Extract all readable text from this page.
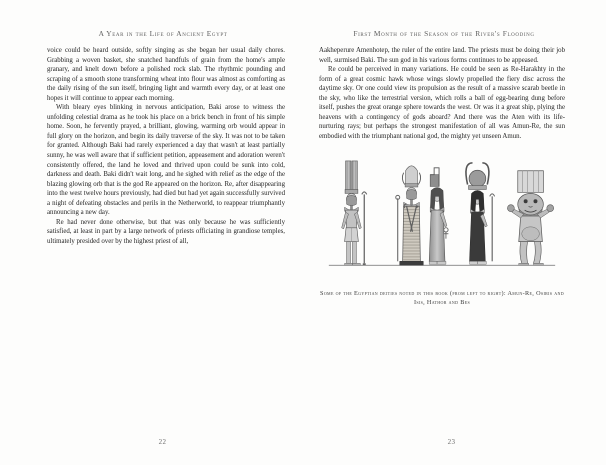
A Year in the Life of Ancient Egypt

voice could be heard outside, softly singing as she began her usual daily chores. Grabbing a woven basket, she snatched handfuls of grain from the home's ample granary, and knelt down before a polished rock slab. The rhythmic pounding and scraping of a smooth stone transforming wheat into flour was almost as comforting as the daily rising of the sun itself, bringing light and warmth every day, or at least one hopes it will continue to appear each morning.

With bleary eyes blinking in nervous anticipation, Baki arose to witness the unfolding celestial drama as he took his place on a brick bench in front of his simple home. Soon, he fervently prayed, a brilliant, glowing, warming orb would appear in full glory on the horizon, and begin its daily traverse of the sky. It was not to be taken for granted. Although Baki had rarely experienced a day that wasn't at least partially sunny, he was well aware that if sufficient petition, appeasement and adoration weren't consistently offered, the land he loved and thrived upon could be sunk into cold, darkness and death. Baki didn't wait long, and he sighed with relief as the edge of the blazing glowing orb that is the god Re appeared on the horizon. Re, after disappearing into the west twelve hours previously, had died but had yet again successfully survived a night of defeating obstacles and perils in the Netherworld, to reappear triumphantly announcing a new day.

Re had never done otherwise, but that was only because he was sufficiently satisfied, at least in part by a large network of priests officiating in grandiose temples, ultimately presided over by the highest priest of all,

22
First Month of the Season of the River's Flooding

Aakheperure Amenhotep, the ruler of the entire land. The priests must be doing their job well, surmised Baki. The sun god in his various forms continues to be appeased.

Re could be perceived in many variations. He could be seen as Re-Harakhty in the form of a great cosmic hawk whose wings slowly propelled the fiery disc across the daytime sky. Or one could view its propulsion as the result of a massive scarab beetle in the sky, who like the terrestrial version, which rolls a ball of egg-bearing dung before itself, pushes the great orange sphere towards the west. Or was it a great ship, plying the heavens with a contingency of gods aboard? And there was the Aten with its life-nurturing rays; but perhaps the strongest manifestation of all was Amun-Re, the sun embodied with the triumphant national god, the mighty yet unseen Amun.

Some of the Egyptian deities noted in this book (from left to right): Amun-Re, Osiris and Isis, Hathor and Bes
23
